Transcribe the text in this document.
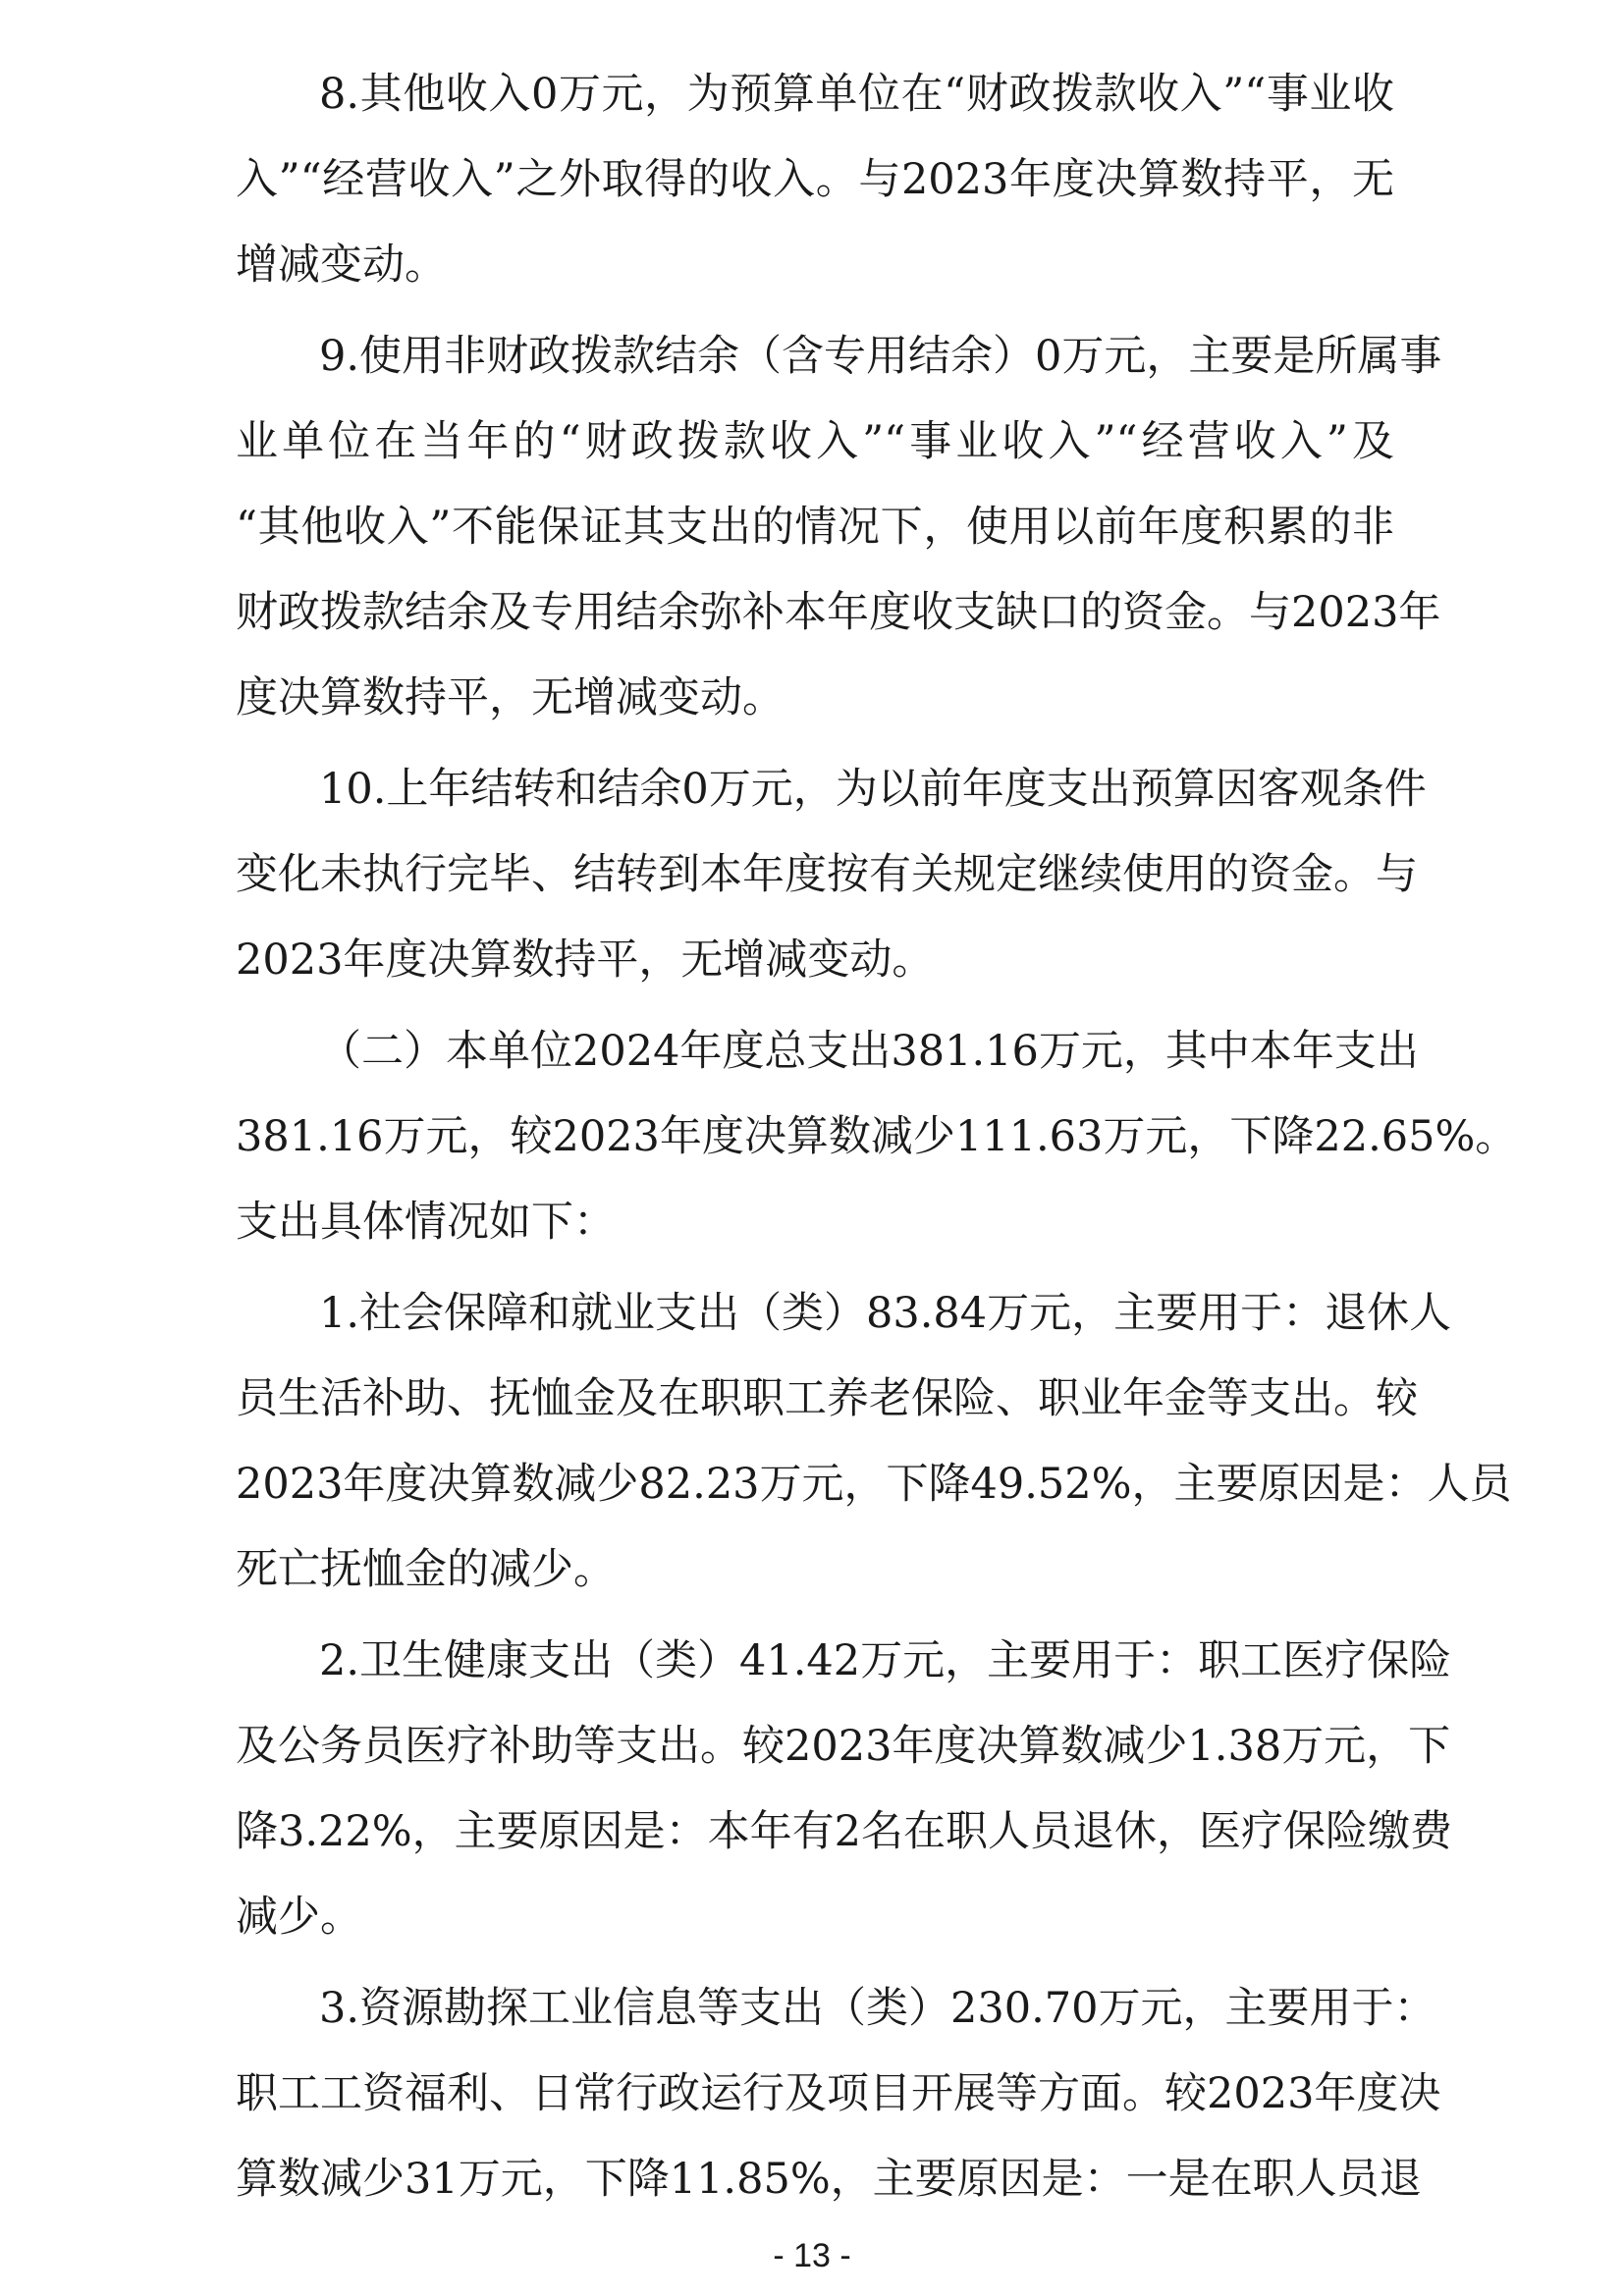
8.其他收入0万元，为预算单位在“财政拨款收入”“事业收
入”“经营收入”之外取得的收入。与2023年度决算数持平，无
增减变动。
9.使用非财政拨款结余（含专用结余）0万元，主要是所属事
业单位在当年的“财政拨款收入”“事业收入”“经营收入”及
“其他收入”不能保证其支出的情况下，使用以前年度积累的非
财政拨款结余及专用结余弥补本年度收支缺口的资金。与2023年
度决算数持平，无增减变动。
10.上年结转和结余0万元，为以前年度支出预算因客观条件
变化未执行完毕、结转到本年度按有关规定继续使用的资金。与
2023年度决算数持平，无增减变动。
（二）本单位2024年度总支出381.16万元，其中本年支出
381.16万元，较2023年度决算数减少111.63万元，下降22.65%。
支出具体情况如下：
1.社会保障和就业支出（类）83.84万元，主要用于：退休人
员生活补助、抚恤金及在职职工养老保险、职业年金等支出。较
2023年度决算数减少82.23万元，下降49.52%，主要原因是：人员
死亡抚恤金的减少。
2.卫生健康支出（类）41.42万元，主要用于：职工医疗保险
及公务员医疗补助等支出。较2023年度决算数减少1.38万元，下
降3.22%，主要原因是：本年有2名在职人员退休，医疗保险缴费
减少。
3.资源勘探工业信息等支出（类）230.70万元，主要用于：
职工工资福利、日常行政运行及项目开展等方面。较2023年度决
算数减少31万元，下降11.85%，主要原因是：一是在职人员退
- 13 -
